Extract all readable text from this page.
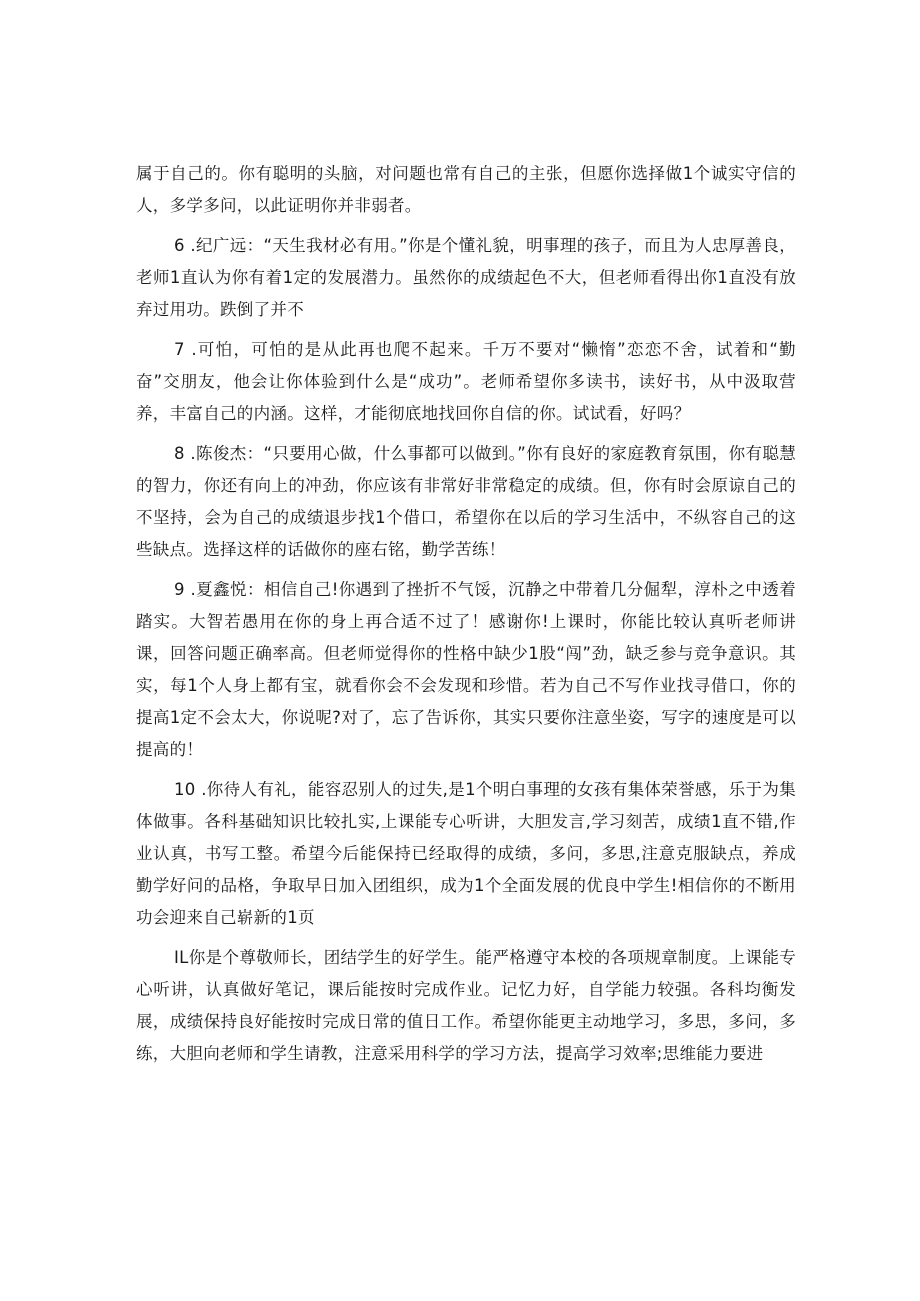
属于自己的。你有聪明的头脑，对问题也常有自己的主张，但愿你选择做1个诚实守信的人，多学多问，以此证明你并非弱者。

6 .纪广远：“天生我材必有用。”你是个懂礼貌，明事理的孩子，而且为人忠厚善良，老师1直认为你有着1定的发展潜力。虽然你的成绩起色不大，但老师看得出你1直没有放弃过用功。跌倒了并不

7 .可怕，可怕的是从此再也爬不起来。千万不要对“懒惰”恋恋不舍，试着和“勤奋”交朋友，他会让你体验到什么是“成功”。老师希望你多读书，读好书，从中汲取营养，丰富自己的内涵。这样，才能彻底地找回你自信的你。试试看，好吗？

8 .陈俊杰：“只要用心做，什么事都可以做到。”你有良好的家庭教育氛围，你有聪慧的智力，你还有向上的冲劲，你应该有非常好非常稳定的成绩。但，你有时会原谅自己的不坚持，会为自己的成绩退步找1个借口，希望你在以后的学习生活中，不纵容自己的这些缺点。选择这样的话做你的座右铭，勤学苦练！

9 .夏鑫悦：相信自己!你遇到了挫折不气馁，沉静之中带着几分倔犁，淳朴之中透着踏实。大智若愚用在你的身上再合适不过了！感谢你!上课时，你能比较认真听老师讲课，回答问题正确率高。但老师觉得你的性格中缺少1股“闯”劲，缺乏参与竞争意识。其实，每1个人身上都有宝，就看你会不会发现和珍惜。若为自己不写作业找寻借口，你的提高1定不会太大，你说呢?对了，忘了告诉你，其实只要你注意坐姿，写字的速度是可以提高的！

10 .你待人有礼，能容忍别人的过失,是1个明白事理的女孩有集体荣誉感，乐于为集体做事。各科基础知识比较扎实,上课能专心听讲，大胆发言,学习刻苦，成绩1直不错,作业认真，书写工整。希望今后能保持已经取得的成绩，多问，多思,注意克服缺点，养成勤学好问的品格，争取早日加入团组织，成为1个全面发展的优良中学生!相信你的不断用功会迎来自己崭新的1页

IL你是个尊敬师长，团结学生的好学生。能严格遵守本校的各项规章制度。上课能专心听讲，认真做好笔记，课后能按时完成作业。记忆力好，自学能力较强。各科均衡发展，成绩保持良好能按时完成日常的值日工作。希望你能更主动地学习，多思，多问，多练，大胆向老师和学生请教，注意采用科学的学习方法，提高学习效率;思维能力要进
